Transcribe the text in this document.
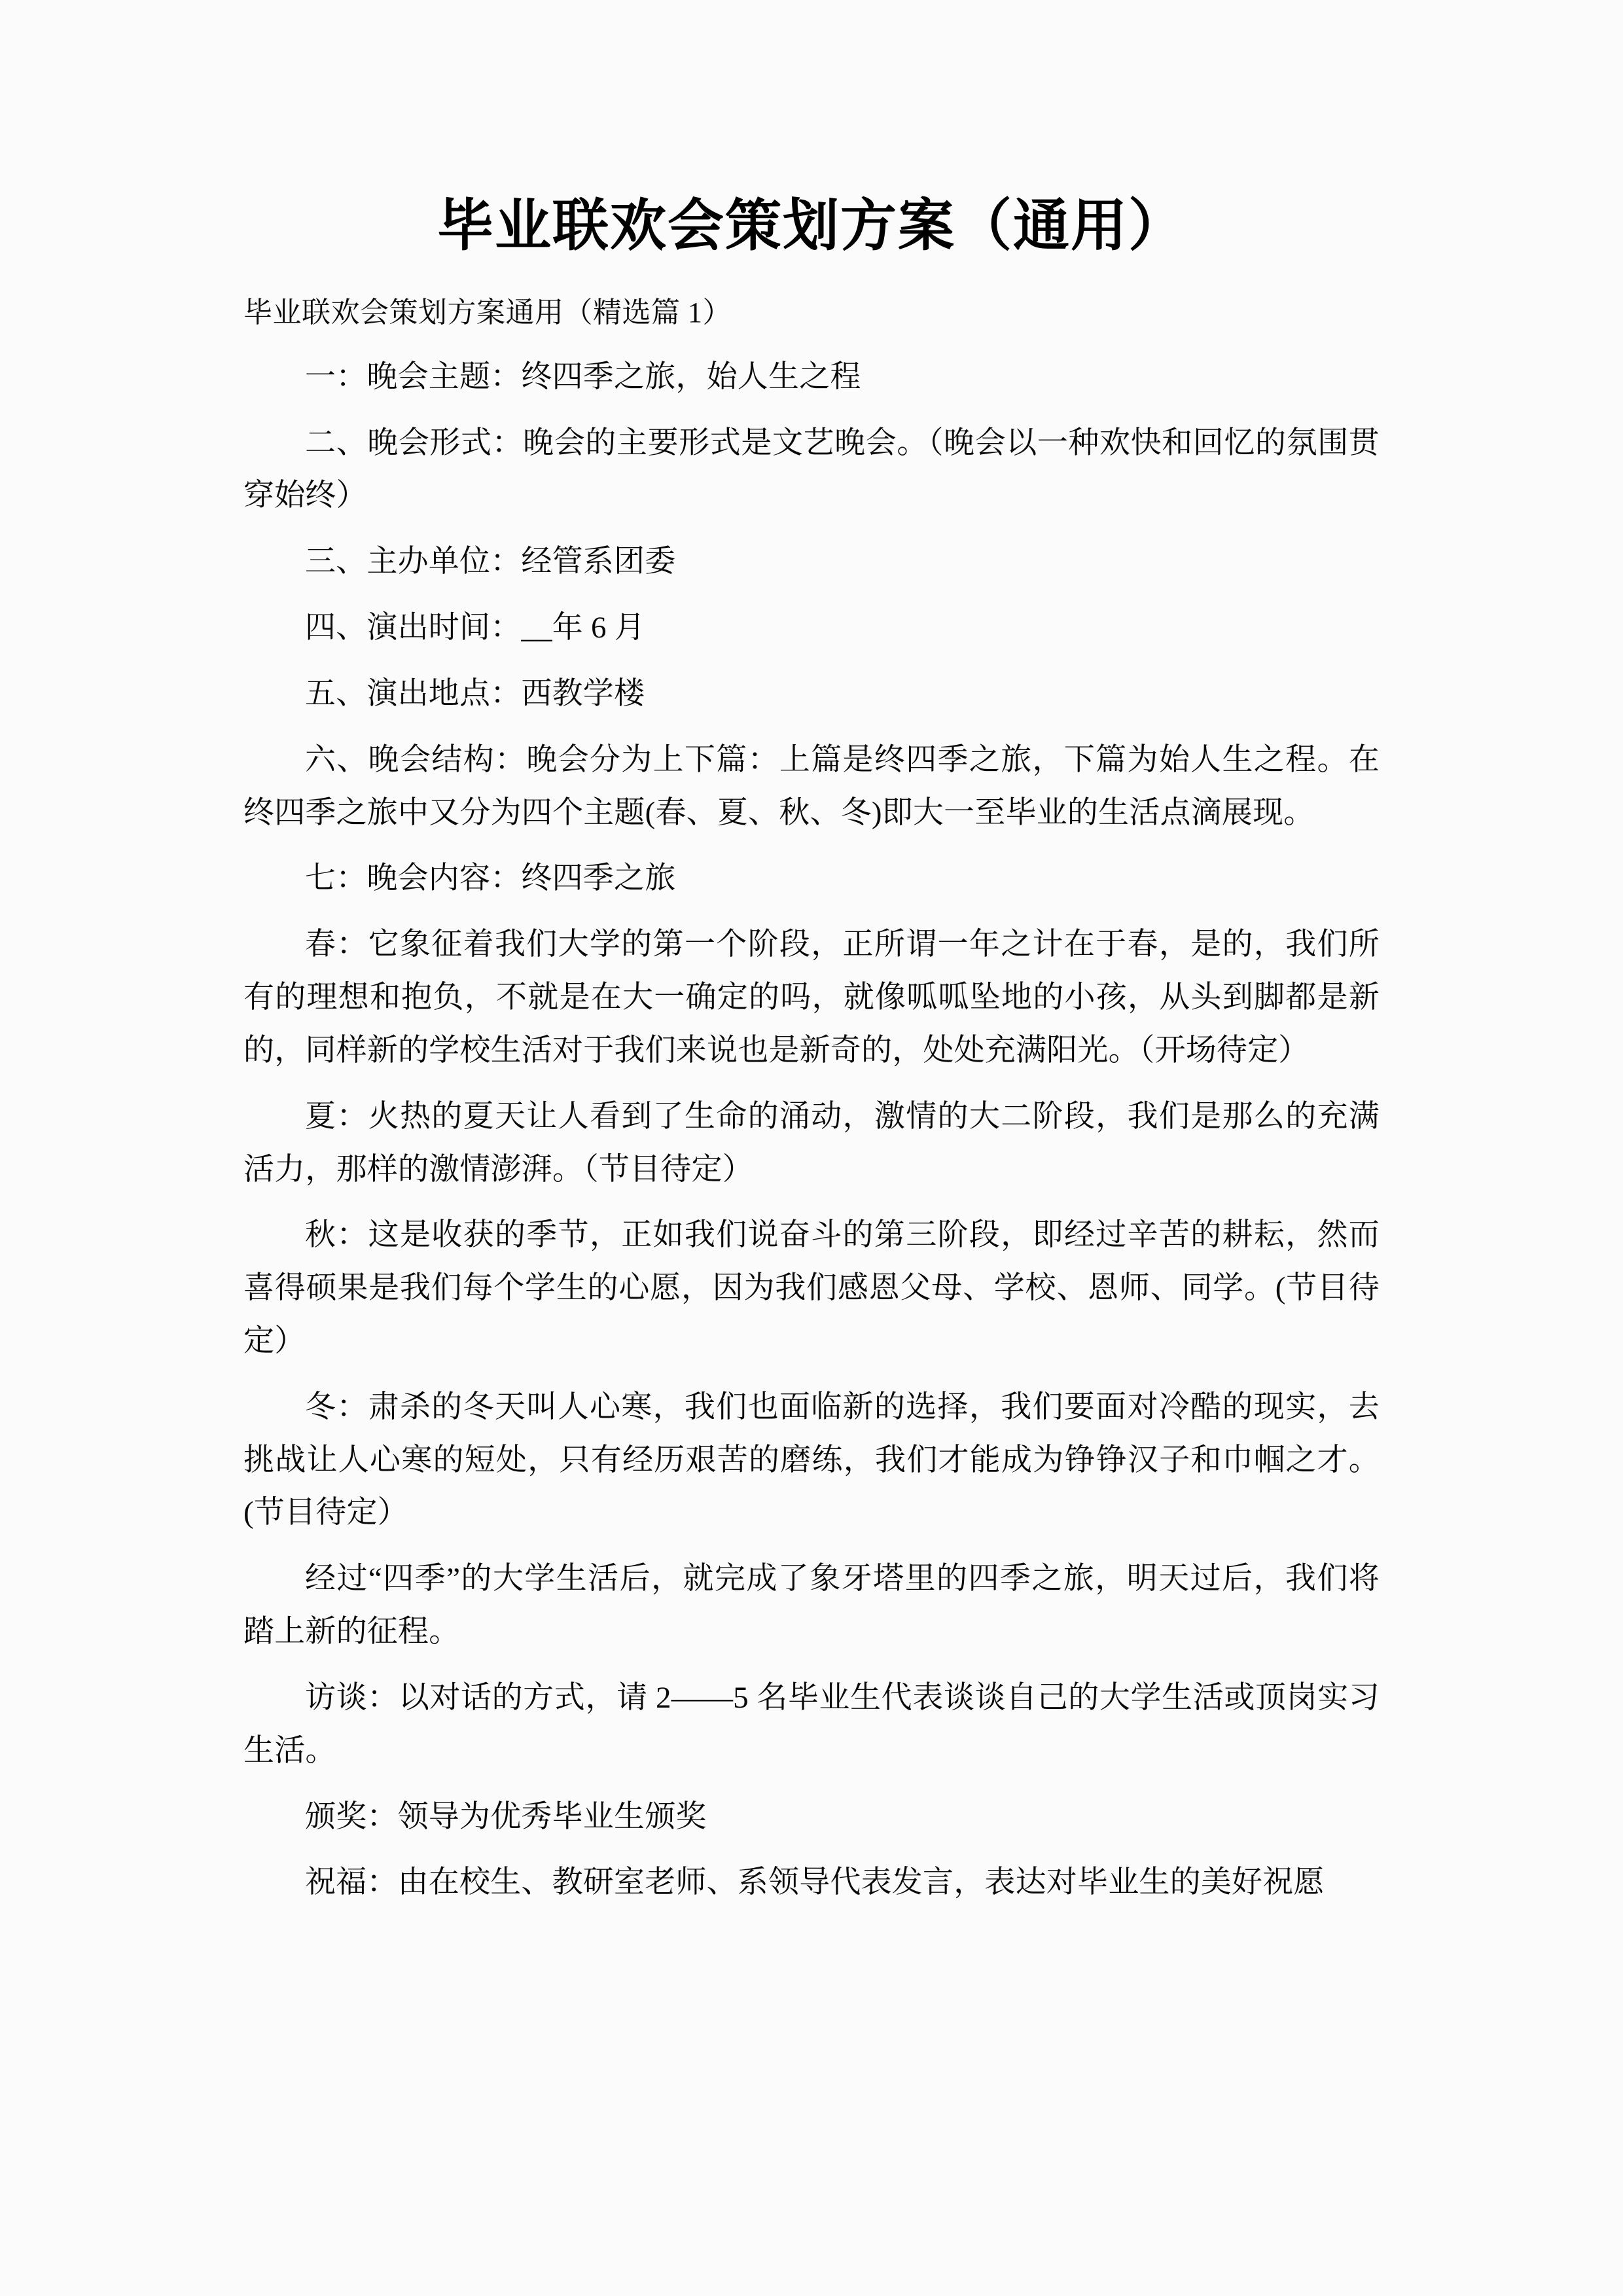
毕业联欢会策划方案（通用）

毕业联欢会策划方案通用（精选篇 1）

一：晚会主题：终四季之旅，始人生之程

二、晚会形式：晚会的主要形式是文艺晚会。（晚会以一种欢快和回忆的氛围贯穿始终）

三、主办单位：经管系团委

四、演出时间：__年 6 月

五、演出地点：西教学楼

六、晚会结构：晚会分为上下篇：上篇是终四季之旅，下篇为始人生之程。在终四季之旅中又分为四个主题(春、夏、秋、冬)即大一至毕业的生活点滴展现。

七：晚会内容：终四季之旅

春：它象征着我们大学的第一个阶段，正所谓一年之计在于春，是的，我们所有的理想和抱负，不就是在大一确定的吗，就像呱呱坠地的小孩，从头到脚都是新的，同样新的学校生活对于我们来说也是新奇的，处处充满阳光。（开场待定）

夏：火热的夏天让人看到了生命的涌动，激情的大二阶段，我们是那么的充满活力，那样的激情澎湃。（节目待定）

秋：这是收获的季节，正如我们说奋斗的第三阶段，即经过辛苦的耕耘，然而喜得硕果是我们每个学生的心愿，因为我们感恩父母、学校、恩师、同学。(节目待定）

冬：肃杀的冬天叫人心寒，我们也面临新的选择，我们要面对冷酷的现实，去挑战让人心寒的短处，只有经历艰苦的磨练，我们才能成为铮铮汉子和巾帼之才。(节目待定）

经过“四季”的大学生活后，就完成了象牙塔里的四季之旅，明天过后，我们将踏上新的征程。

访谈：以对话的方式，请 2——5 名毕业生代表谈谈自己的大学生活或顶岗实习生活。

颁奖：领导为优秀毕业生颁奖

祝福：由在校生、教研室老师、系领导代表发言，表达对毕业生的美好祝愿
